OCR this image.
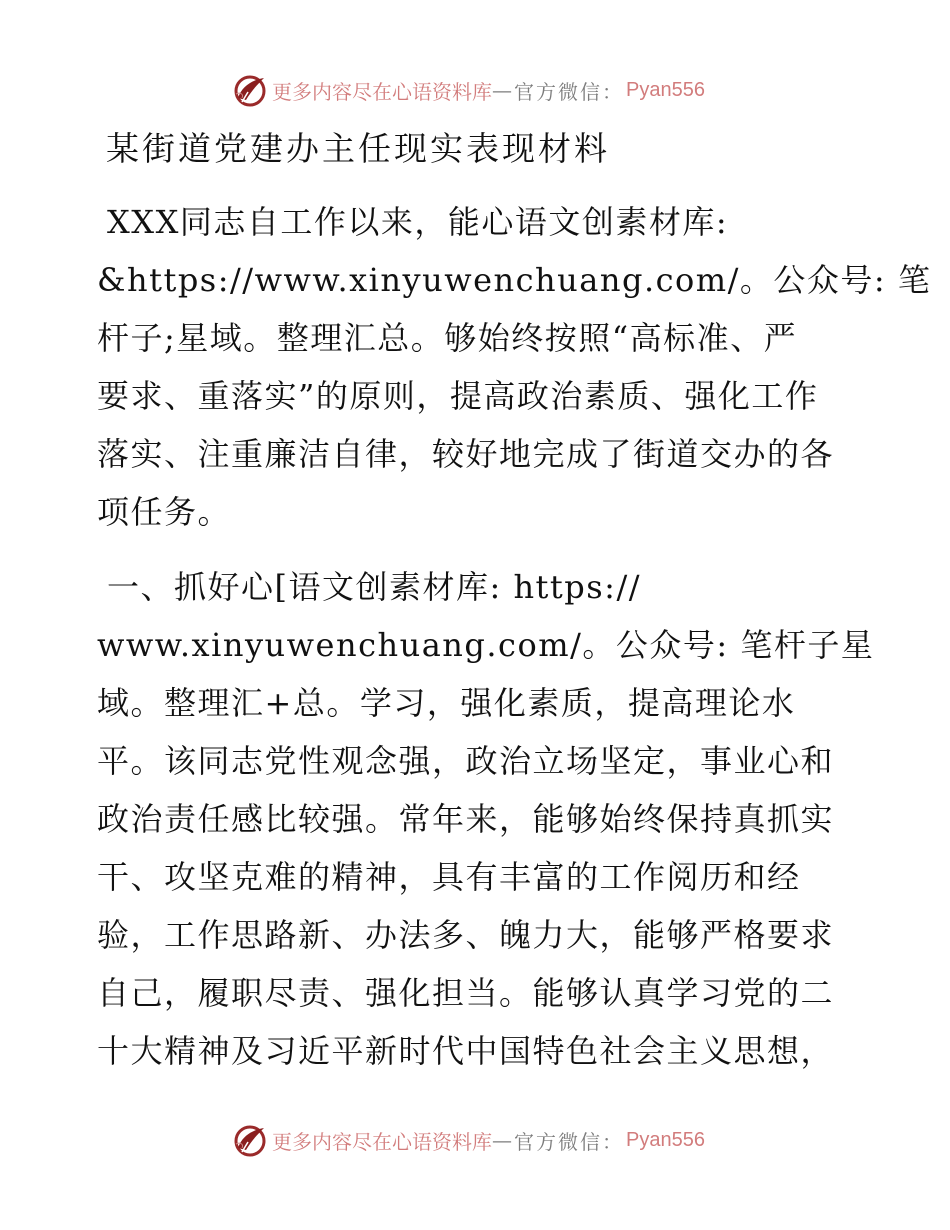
更多内容尽在心语资料库 — 官方微信： Pyan556
某街道党建办主任现实表现材料
XXX同志自工作以来，能心语文创素材库:
&https://www.xinyuwenchuang.com/。公众号: 笔
杆子;星域。整理汇总。够始终按照“高标准、严
要求、重落实”的原则，提高政治素质、强化工作
落实、注重廉洁自律，较好地完成了街道交办的各
项任务。
一、抓好心[语文创素材库: https://
www.xinyuwenchuang.com/。公众号: 笔杆子星
域。整理汇+总。学习，强化素质，提高理论水
平。该同志党性观念强，政治立场坚定，事业心和
政治责任感比较强。常年来，能够始终保持真抓实
干、攻坚克难的精神，具有丰富的工作阅历和经
验，工作思路新、办法多、魄力大，能够严格要求
自己，履职尽责、强化担当。能够认真学习党的二
十大精神及习近平新时代中国特色社会主义思想，
更多内容尽在心语资料库 — 官方微信： Pyan556
